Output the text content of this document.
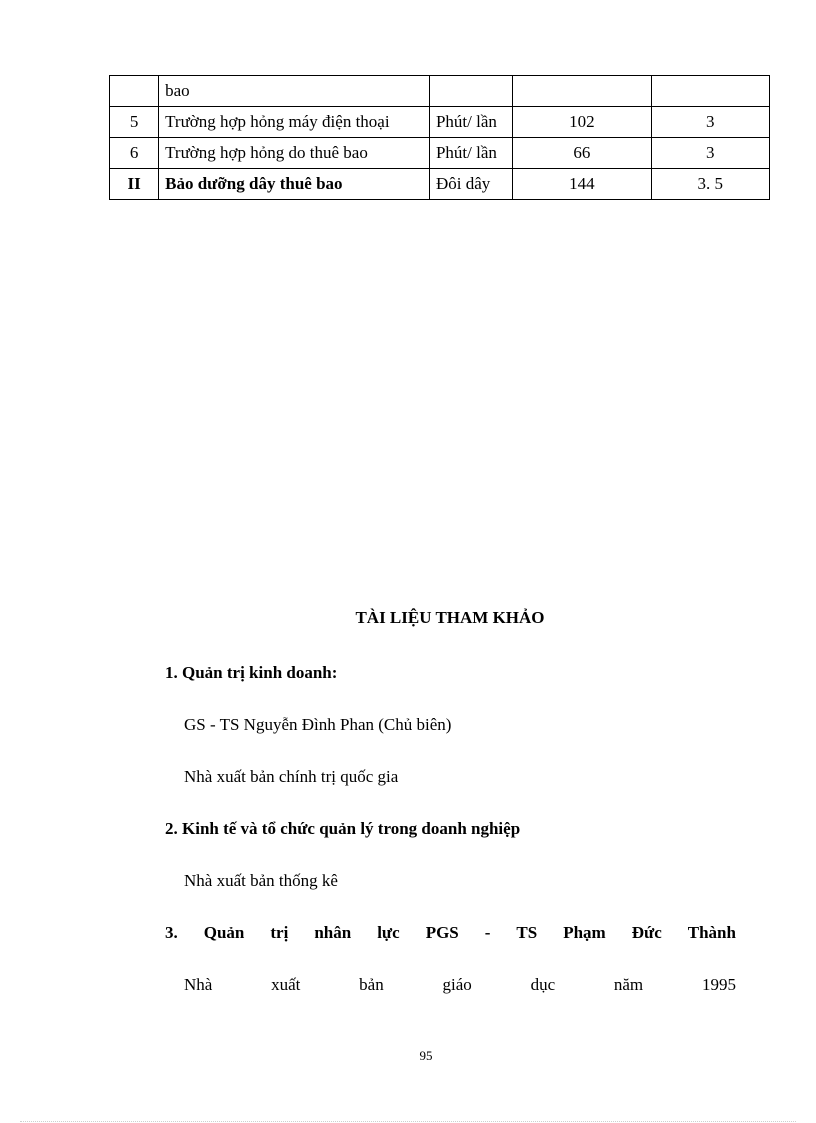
	bao			
5	Trường hợp hỏng máy điện thoại	Phút/ lần	102	3
6	Trường hợp hỏng do thuê bao	Phút/ lần	66	3
II	Bảo dưỡng dây thuê bao	Đôi dây	144	3. 5
TÀI LIỆU THAM KHẢO
1. Quản trị kinh doanh:
GS - TS Nguyễn Đình Phan (Chủ biên)
Nhà xuất bản chính trị quốc gia
2. Kinh tế và tổ chức quản lý trong doanh nghiệp
Nhà xuất bản thống kê
3. Quản trị nhân lực PGS - TS Phạm Đức Thành
Nhà	xuất	bản	giáo	dục	năm	1995
95
